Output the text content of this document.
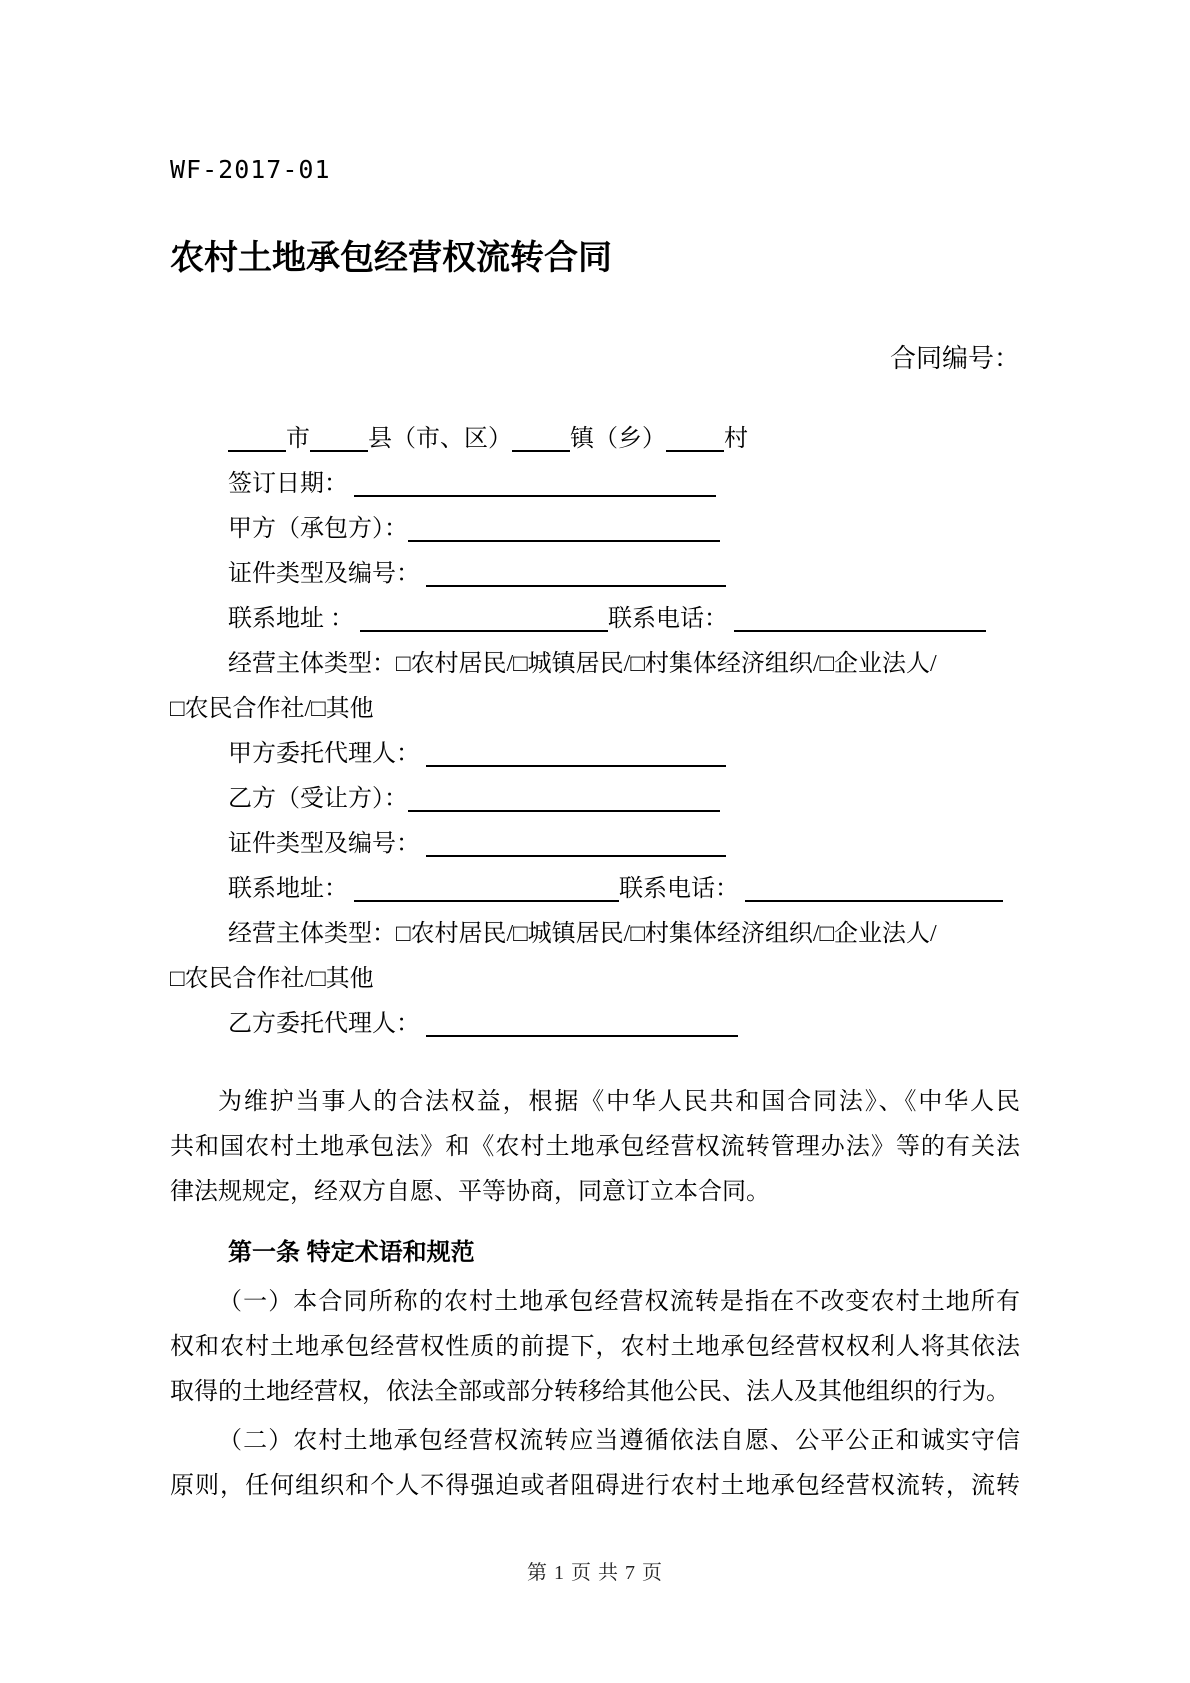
WF-2017-01
农村土地承包经营权流转合同
合同编号：
市 县（市、区） 镇（乡） 村
签订日期：
甲方（承包方）：
证件类型及编号：
联系地址 ：	联系电话：
经营主体类型：□农村居民/□城镇居民/□村集体经济组织/□企业法人/
□农民合作社/□其他
甲方委托代理人：
乙方（受让方）：
证件类型及编号：
联系地址：	联系电话：
经营主体类型：□农村居民/□城镇居民/□村集体经济组织/□企业法人/
□农民合作社/□其他
乙方委托代理人：
为维护当事人的合法权益，根据《中华人民共和国合同法》、《中华人民
共和国农村土地承包法》和《农村土地承包经营权流转管理办法》等的有关法
律法规规定，经双方自愿、平等协商，同意订立本合同。
第一条 特定术语和规范
（一）本合同所称的农村土地承包经营权流转是指在不改变农村土地所有
权和农村土地承包经营权性质的前提下，农村土地承包经营权权利人将其依法
取得的土地经营权，依法全部或部分转移给其他公民、法人及其他组织的行为。
（二）农村土地承包经营权流转应当遵循依法自愿、公平公正和诚实守信
原则，任何组织和个人不得强迫或者阻碍进行农村土地承包经营权流转，流转
第 1 页 共 7 页
